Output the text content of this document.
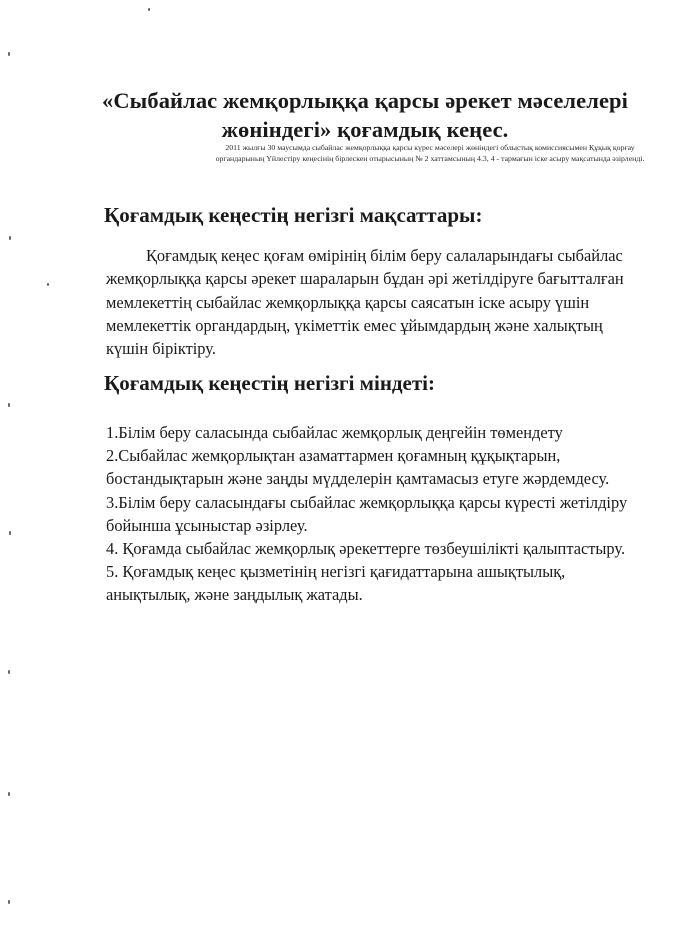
«Сыбайлас жемқорлыққа қарсы әрекет мәселелері жөніндегі» қоғамдық кеңес.
2011 жылғы 30 маусымда сыбайлас жемқорлыққа қарсы күрес мәселері жөніндегі облыстық комиссиясымен Құқық қорғау органдарының Үйлестіру кеңесінің бірлескен отырысының № 2 хаттамсының 4.3, 4 - тармағын іске асыру мақсатында әзірленді.
Қоғамдық кеңестің негізгі мақсаттары:
Қоғамдық кеңес қоғам өмірінің білім беру салаларындағы сыбайлас жемқорлыққа қарсы әрекет шараларын бұдан әрі жетілдіруге бағытталған мемлекеттің сыбайлас жемқорлыққа қарсы саясатын іске асыру үшін мемлекеттік органдардың, үкіметтік емес ұйымдардың және халықтың күшін біріктіру.
Қоғамдық кеңестің негізгі міндеті:
1.Білім беру саласында сыбайлас жемқорлық деңгейін төмендету
2.Сыбайлас жемқорлықтан азаматтармен қоғамның құқықтарын, бостандықтарын және заңды мүдделерін қамтамасыз етуге жәрдемдесу.
3.Білім беру саласындағы сыбайлас жемқорлыққа қарсы күресті жетілдіру бойынша ұсыныстар әзірлеу.
4. Қоғамда сыбайлас жемқорлық әрекеттерге төзбеушілікті қалыптастыру.
5. Қоғамдық кеңес қызметінің негізгі қағидаттарына ашықтылық, анықтылық, және заңдылық жатады.
